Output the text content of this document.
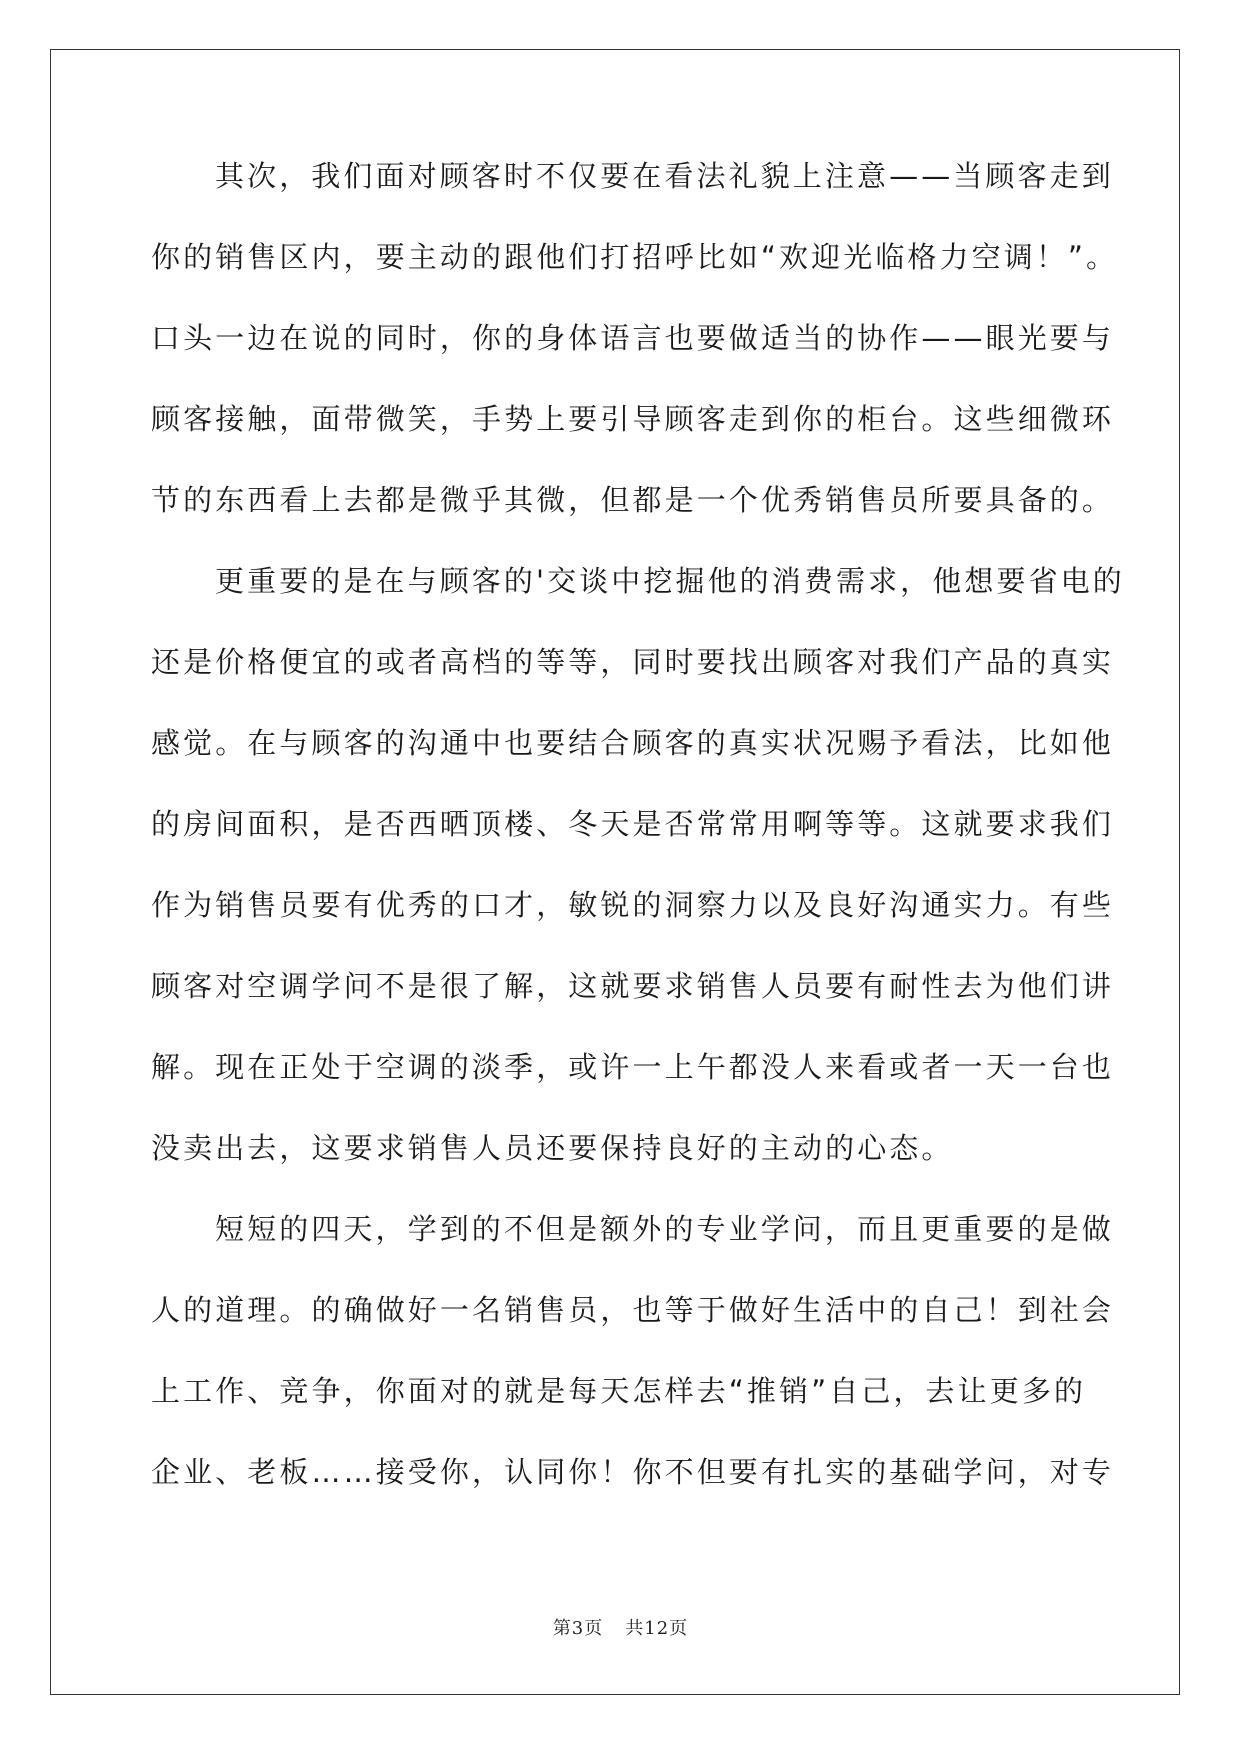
其次，我们面对顾客时不仅要在看法礼貌上注意——当顾客走到
你的销售区内，要主动的跟他们打招呼比如“欢迎光临格力空调！”。
口头一边在说的同时，你的身体语言也要做适当的协作——眼光要与
顾客接触，面带微笑，手势上要引导顾客走到你的柜台。这些细微环
节的东西看上去都是微乎其微，但都是一个优秀销售员所要具备的。
更重要的是在与顾客的'交谈中挖掘他的消费需求，他想要省电的
还是价格便宜的或者高档的等等，同时要找出顾客对我们产品的真实
感觉。在与顾客的沟通中也要结合顾客的真实状况赐予看法，比如他
的房间面积，是否西晒顶楼、冬天是否常常用啊等等。这就要求我们
作为销售员要有优秀的口才，敏锐的洞察力以及良好沟通实力。有些
顾客对空调学问不是很了解，这就要求销售人员要有耐性去为他们讲
解。现在正处于空调的淡季，或许一上午都没人来看或者一天一台也
没卖出去，这要求销售人员还要保持良好的主动的心态。
短短的四天，学到的不但是额外的专业学问，而且更重要的是做
人的道理。的确做好一名销售员，也等于做好生活中的自己！到社会
上工作、竞争，你面对的就是每天怎样去“推销”自己，去让更多的
企业、老板……接受你，认同你！你不但要有扎实的基础学问，对专
第3页 共12页
